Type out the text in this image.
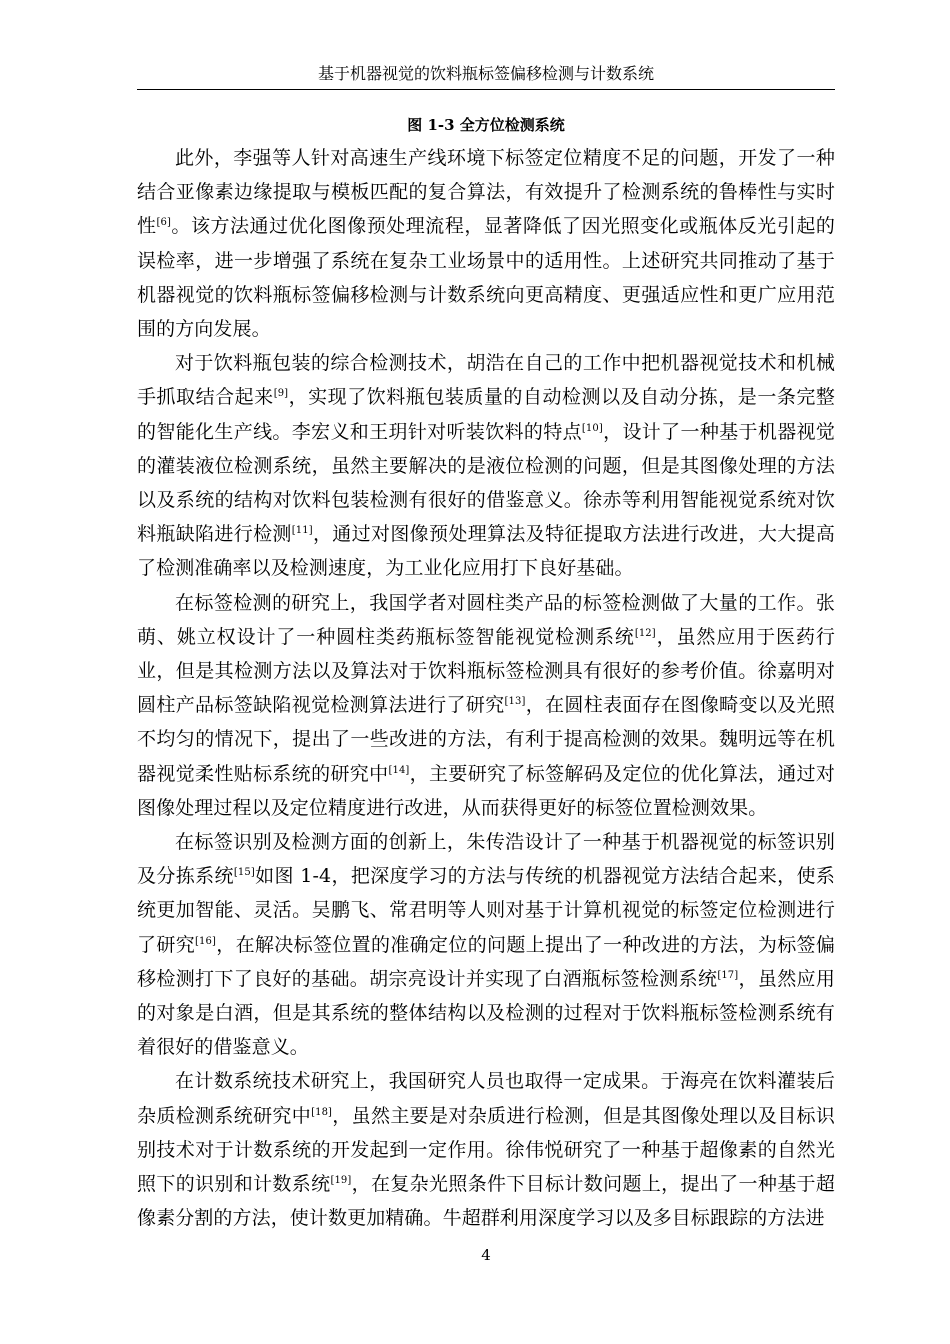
基于机器视觉的饮料瓶标签偏移检测与计数系统
图 1-3 全方位检测系统

此外，李强等人针对高速生产线环境下标签定位精度不足的问题，开发了一种结合亚像素边缘提取与模板匹配的复合算法，有效提升了检测系统的鲁棒性与实时性[6]。该方法通过优化图像预处理流程，显著降低了因光照变化或瓶体反光引起的误检率，进一步增强了系统在复杂工业场景中的适用性。上述研究共同推动了基于机器视觉的饮料瓶标签偏移检测与计数系统向更高精度、更强适应性和更广应用范围的方向发展。

对于饮料瓶包装的综合检测技术，胡浩在自己的工作中把机器视觉技术和机械手抓取结合起来[9]，实现了饮料瓶包装质量的自动检测以及自动分拣，是一条完整的智能化生产线。李宏义和王玥针对听装饮料的特点[10]，设计了一种基于机器视觉的灌装液位检测系统，虽然主要解决的是液位检测的问题，但是其图像处理的方法以及系统的结构对饮料包装检测有很好的借鉴意义。徐赤等利用智能视觉系统对饮料瓶缺陷进行检测[11]，通过对图像预处理算法及特征提取方法进行改进，大大提高了检测准确率以及检测速度，为工业化应用打下良好基础。

在标签检测的研究上，我国学者对圆柱类产品的标签检测做了大量的工作。张萌、姚立权设计了一种圆柱类药瓶标签智能视觉检测系统[12]，虽然应用于医药行业，但是其检测方法以及算法对于饮料瓶标签检测具有很好的参考价值。徐嘉明对圆柱产品标签缺陷视觉检测算法进行了研究[13]，在圆柱表面存在图像畸变以及光照不均匀的情况下，提出了一些改进的方法，有利于提高检测的效果。魏明远等在机器视觉柔性贴标系统的研究中[14]，主要研究了标签解码及定位的优化算法，通过对图像处理过程以及定位精度进行改进，从而获得更好的标签位置检测效果。

在标签识别及检测方面的创新上，朱传浩设计了一种基于机器视觉的标签识别及分拣系统[15]如图 1-4，把深度学习的方法与传统的机器视觉方法结合起来，使系统更加智能、灵活。吴鹏飞、常君明等人则对基于计算机视觉的标签定位检测进行了研究[16]，在解决标签位置的准确定位的问题上提出了一种改进的方法，为标签偏移检测打下了良好的基础。胡宗亮设计并实现了白酒瓶标签检测系统[17]，虽然应用的对象是白酒，但是其系统的整体结构以及检测的过程对于饮料瓶标签检测系统有着很好的借鉴意义。

在计数系统技术研究上，我国研究人员也取得一定成果。于海亮在饮料灌装后杂质检测系统研究中[18]，虽然主要是对杂质进行检测，但是其图像处理以及目标识别技术对于计数系统的开发起到一定作用。徐伟悦研究了一种基于超像素的自然光照下的识别和计数系统[19]，在复杂光照条件下目标计数问题上，提出了一种基于超像素分割的方法，使计数更加精确。牛超群利用深度学习以及多目标跟踪的方法进

4
